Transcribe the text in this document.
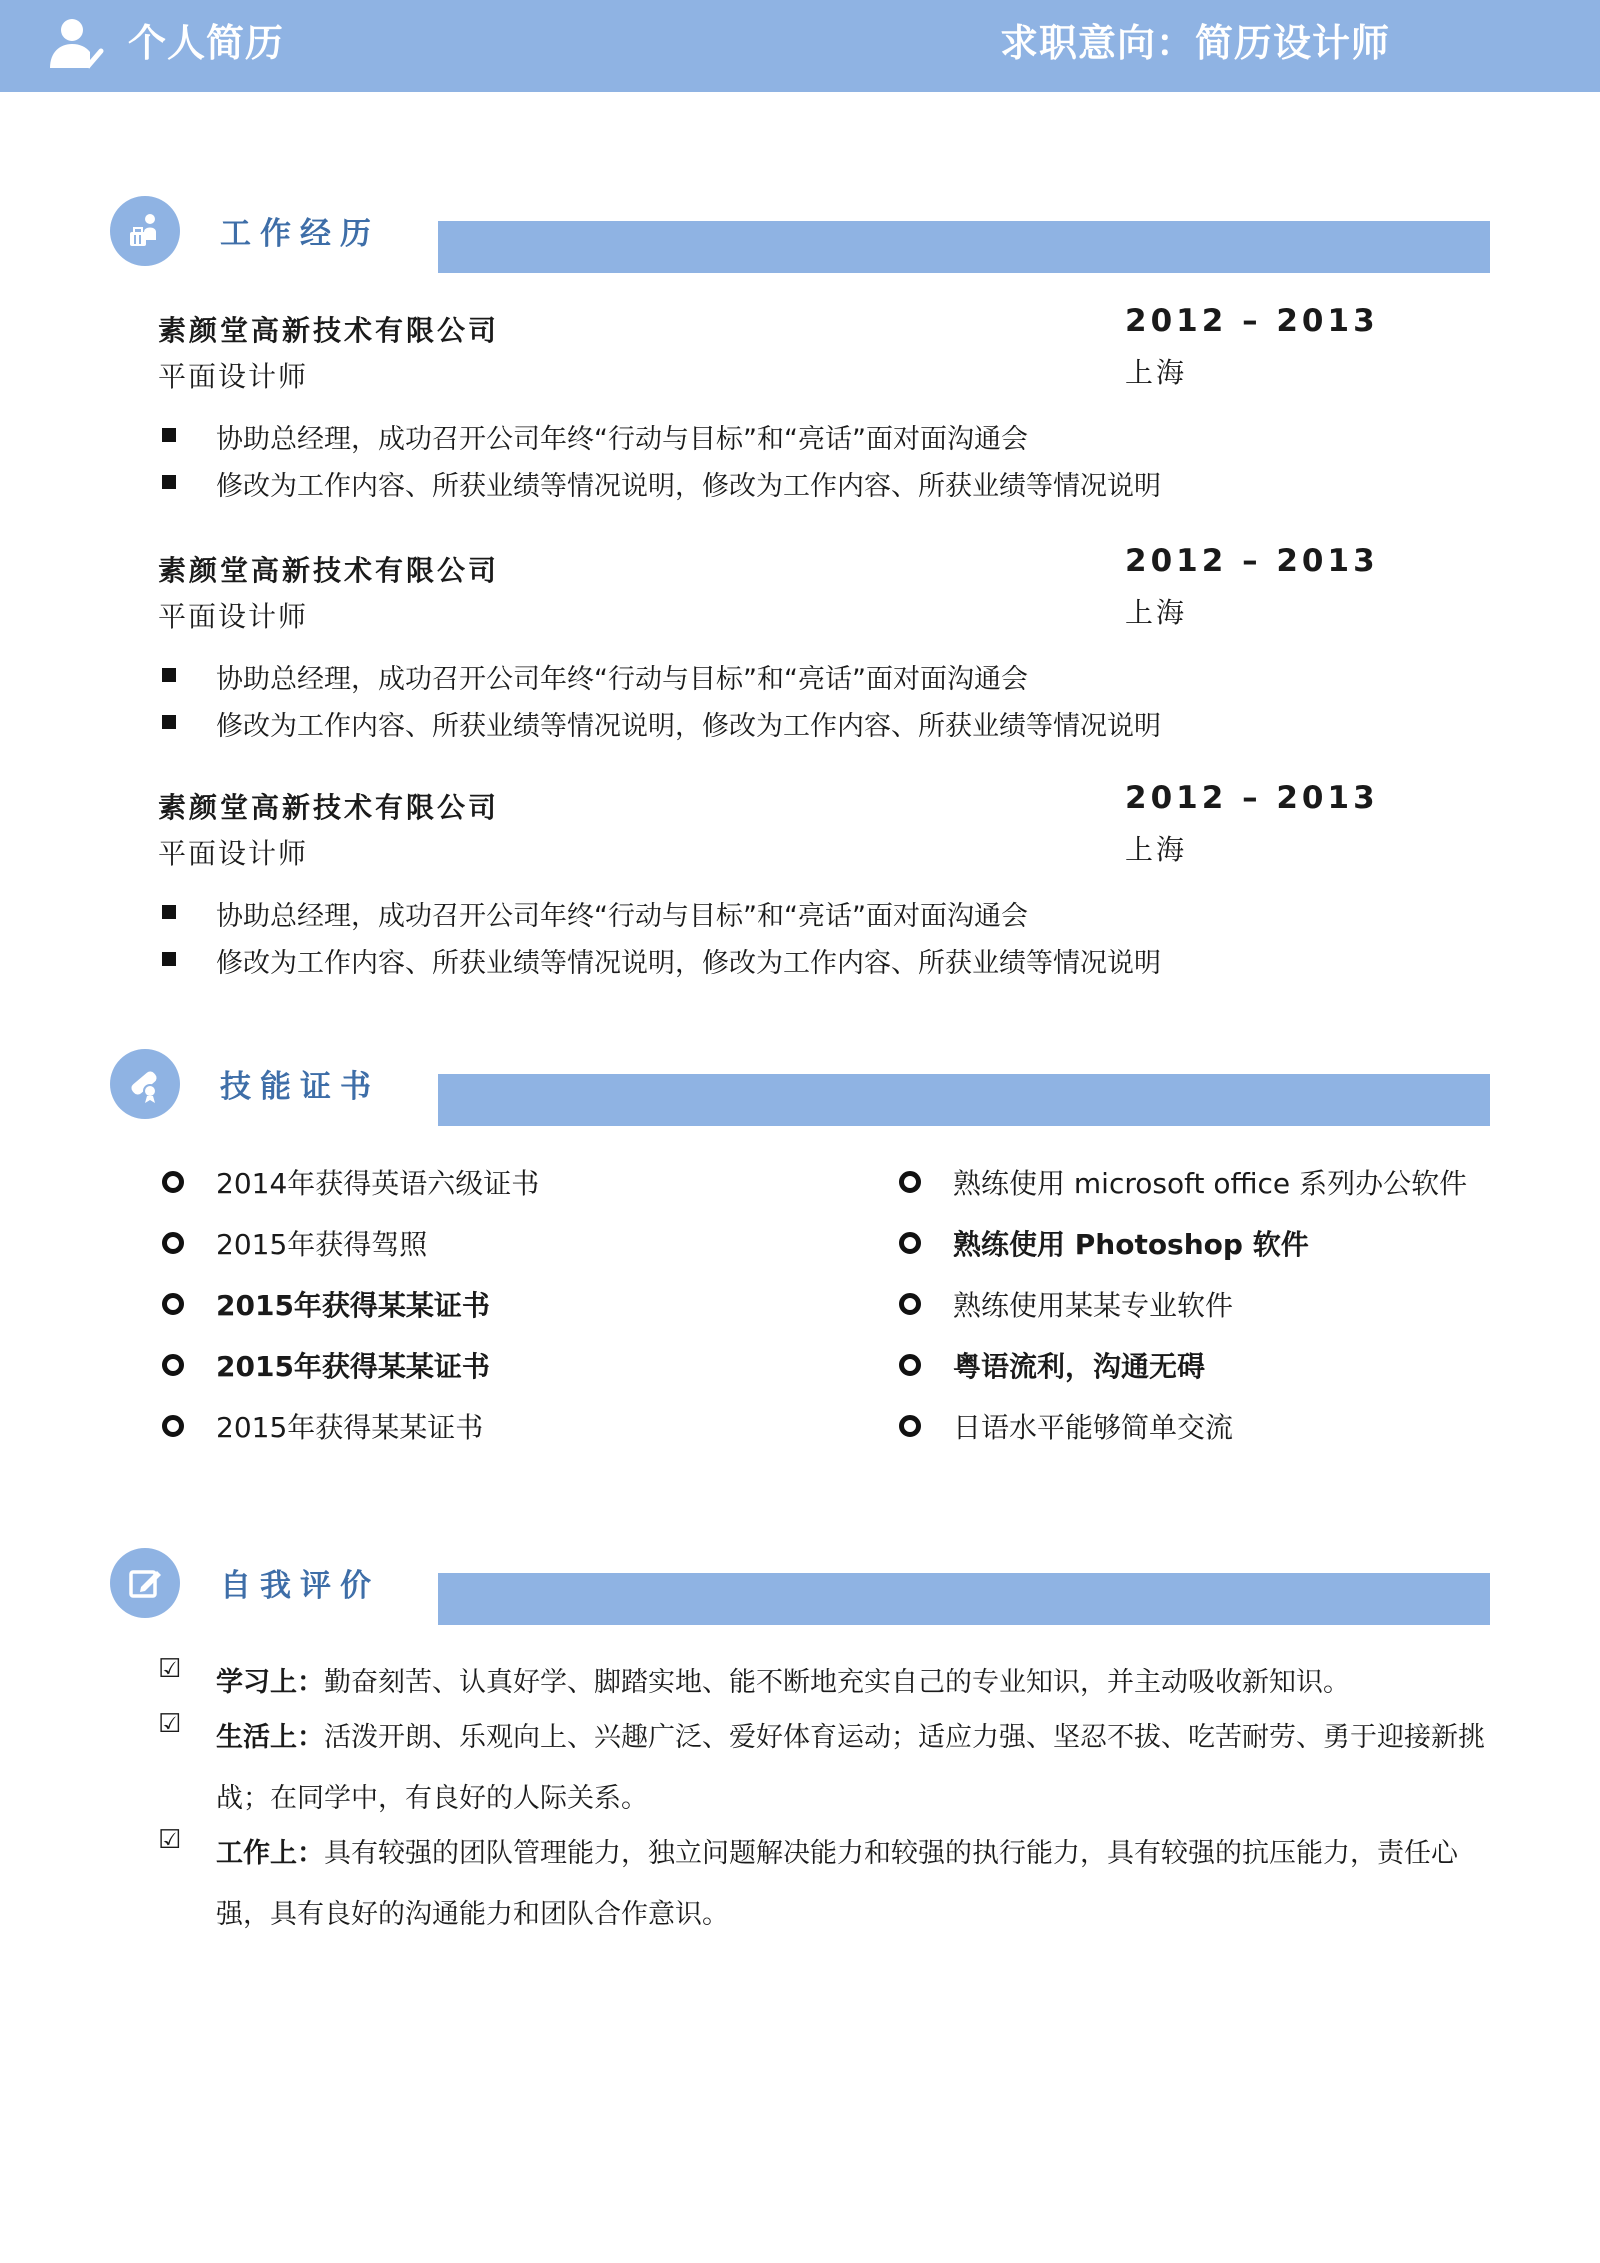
个人简历	求职意向：简历设计师
工作经历
素颜堂高新技术有限公司
平面设计师
2012 – 2013
上海
协助总经理，成功召开公司年终“行动与目标”和“亮话”面对面沟通会
修改为工作内容、所获业绩等情况说明，修改为工作内容、所获业绩等情况说明
素颜堂高新技术有限公司
平面设计师
2012 – 2013
上海
协助总经理，成功召开公司年终“行动与目标”和“亮话”面对面沟通会
修改为工作内容、所获业绩等情况说明，修改为工作内容、所获业绩等情况说明
素颜堂高新技术有限公司
平面设计师
2012 – 2013
上海
协助总经理，成功召开公司年终“行动与目标”和“亮话”面对面沟通会
修改为工作内容、所获业绩等情况说明，修改为工作内容、所获业绩等情况说明
技能证书
2014年获得英语六级证书
2015年获得驾照
2015年获得某某证书
2015年获得某某证书
2015年获得某某证书
熟练使用 microsoft office 系列办公软件
熟练使用 Photoshop 软件
熟练使用某某专业软件
粤语流利，沟通无碍
日语水平能够简单交流
自我评价
☑ 学习上：勤奋刻苦、认真好学、脚踏实地、能不断地充实自己的专业知识，并主动吸收新知识。
☑ 生活上：活泼开朗、乐观向上、兴趣广泛、爱好体育运动；适应力强、坚忍不拔、吃苦耐劳、勇于迎接新挑战；在同学中，有良好的人际关系。
☑ 工作上：具有较强的团队管理能力，独立问题解决能力和较强的执行能力，具有较强的抗压能力，责任心强，具有良好的沟通能力和团队合作意识。
